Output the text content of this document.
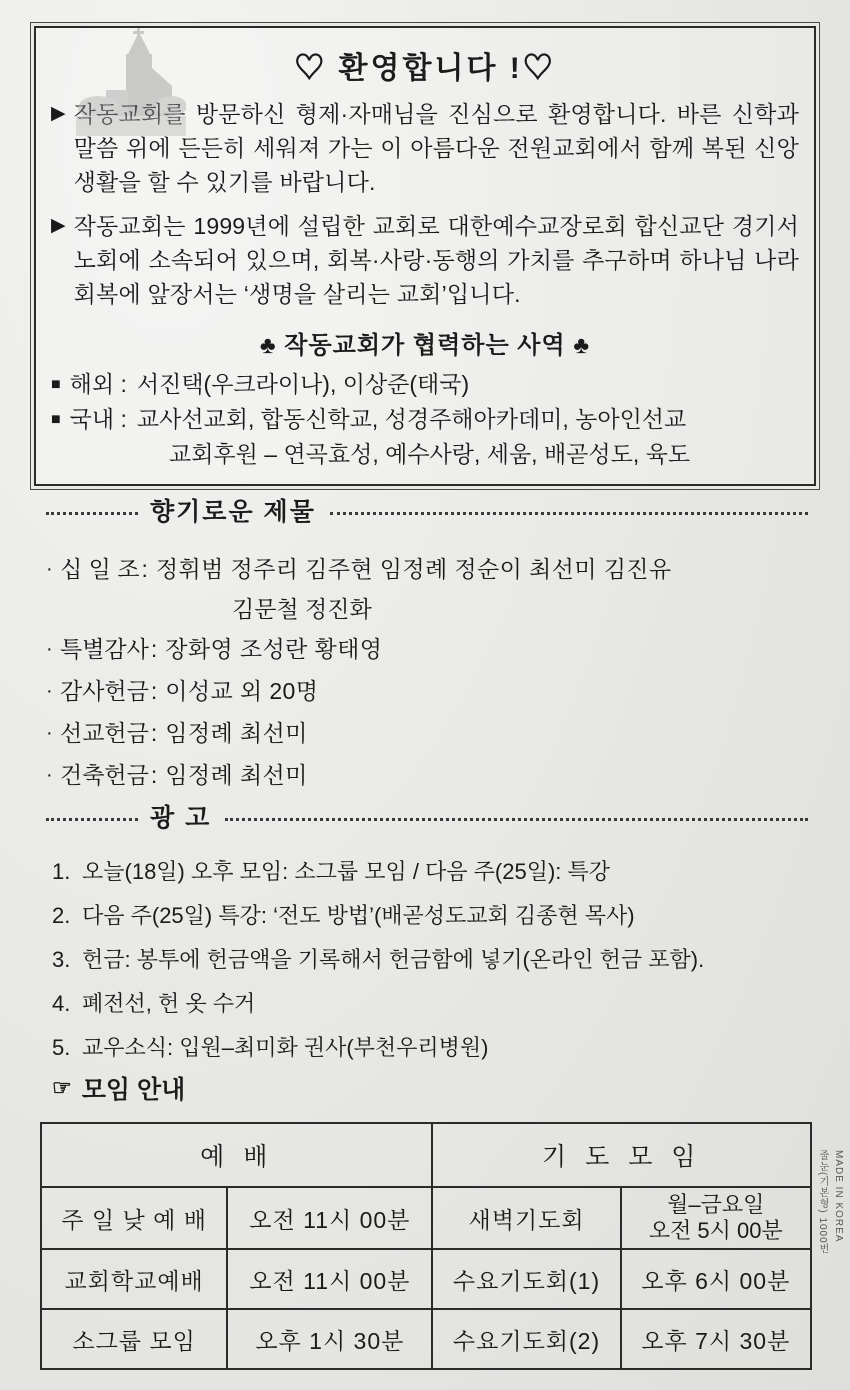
♡ 환영합니다 !♡
▶ 작동교회를 방문하신 형제·자매님을 진심으로 환영합니다. 바른 신학과 말씀 위에 든든히 세워져 가는 이 아름다운 전원교회에서 함께 복된 신앙생활을 할 수 있기를 바랍니다.
▶ 작동교회는 1999년에 설립한 교회로 대한예수교장로회 합신교단 경기서노회에 소속되어 있으며, 회복·사랑·동행의 가치를 추구하며 하나님 나라 회복에 앞장서는 ‘생명을 살리는 교회’입니다.
♣ 작동교회가 협력하는 사역 ♣
■ 해외 : 서진택(우크라이나), 이상준(태국)
■ 국내 : 교사선교회, 합동신학교, 성경주해아카데미, 농아인선교
교회후원 – 연곡효성, 예수사랑, 세움, 배곧성도, 육도
향기로운 제물
· 십 일 조 : 정휘범 정주리 김주현 임정례 정순이 최선미 김진유
김문철 정진화
· 특별감사 : 장화영 조성란 황태영
· 감사헌금 : 이성교 외 20명
· 선교헌금 : 임정례 최선미
· 건축헌금 : 임정례 최선미
광 고
1. 오늘(18일) 오후 모임: 소그룹 모임 / 다음 주(25일): 특강
2. 다음 주(25일) 특강: ‘전도 방법’(배곧성도교회 김종현 목사)
3. 헌금: 봉투에 헌금액을 기록해서 헌금함에 넣기(온라인 헌금 포함).
4. 폐전선, 헌 옷 수거
5. 교우소식: 입원–최미화 권사(부천우리병원)
☞ 모임 안내
예 배		기 도 모 임	
주 일 낮 예 배	오전 11시 00분	새벽기도회	월–금요일
오전 5시 00분

교회학교예배	오전 11시 00분	수요기도회(1)	오후 6시 00분
소그룹 모임	오후 1시 30분	수요기도회(2)	오후 7시 30분
MADE IN KOREA
줄눈(기본형) 1000번
